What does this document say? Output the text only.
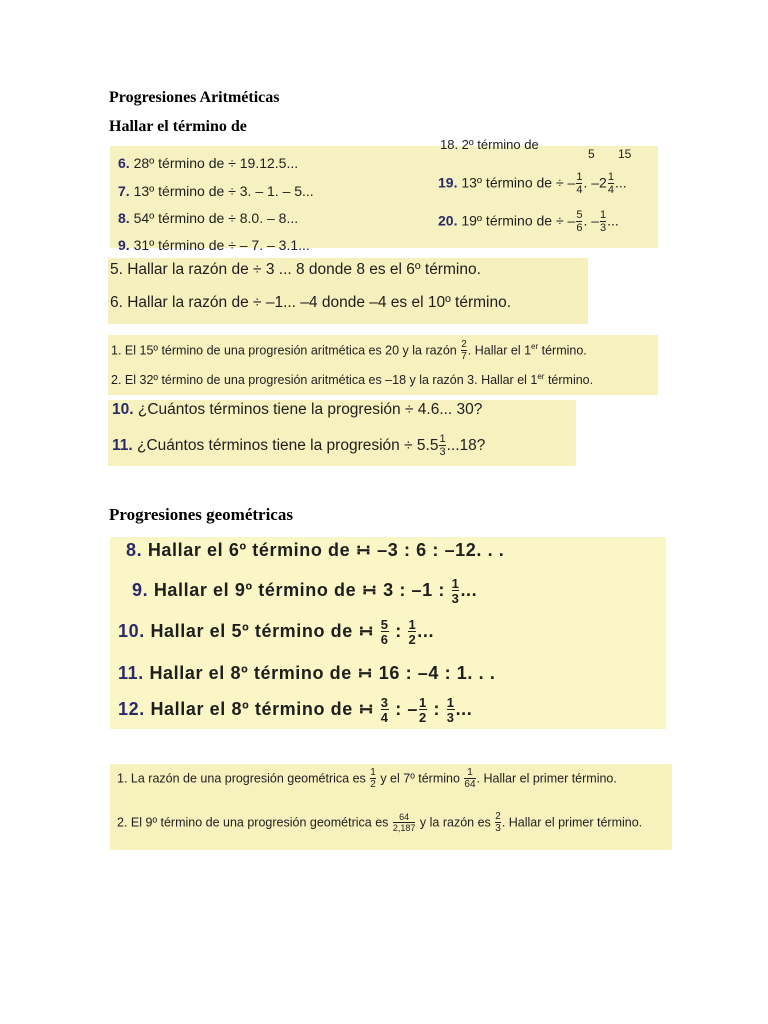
Progresiones Aritméticas
Hallar el término de
18. 2º término de
5 15
6. 28º término de ÷ 19.12.5...
7. 13º término de ÷ 3. – 1. – 5...
8. 54º término de ÷ 8.0. – 8...
9. 31º término de ÷ – 7. – 3.1...
19. 13º término de ÷ – $\frac{1}{4}$ . $-2 \frac{1}{4}$ ...
20. 19º término de ÷ – $\frac{5}{6}$ . – $\frac{1}{3}$ ...
5. Hallar la razón de ÷ 3 ... 8 donde 8 es el 6º término.
6. Hallar la razón de ÷ –1... –4 donde –4 es el 10º término.
1. El 15º término de una progresión aritmética es 20 y la razón $\frac{2}{7}$ . Hallar el 1er término.
2. El 32º término de una progresión aritmética es –18 y la razón 3. Hallar el 1er término.
10. ¿Cuántos términos tiene la progresión ÷ 4.6... 30?
11. ¿Cuántos términos tiene la progresión ÷ $5.5 \frac{1}{3} ...18$?
Progresiones geométricas
8. Hallar el 6º término de ∺ –3 : 6 : –12. . .
9. Hallar el 9º término de ∺ 3 : –1 : $\frac{1}{3}$ ...
10. Hallar el 5º término de ∺ $\frac{5}{6}$ : $\frac{1}{2}$ ...
11. Hallar el 8º término de ∺ 16 : –4 : 1. . .
12. Hallar el 8º término de ∺ $\frac{3}{4}$ : – $\frac{1}{2}$ : $\frac{1}{3}$ ...
1. La razón de una progresión geométrica es $\frac{1}{2}$ y el 7º término $\frac{1}{64}$ . Hallar el primer término.
2. El 9º término de una progresión geométrica es $\frac{64}{2,187}$ y la razón es $\frac{2}{3}$ . Hallar el primer término.
